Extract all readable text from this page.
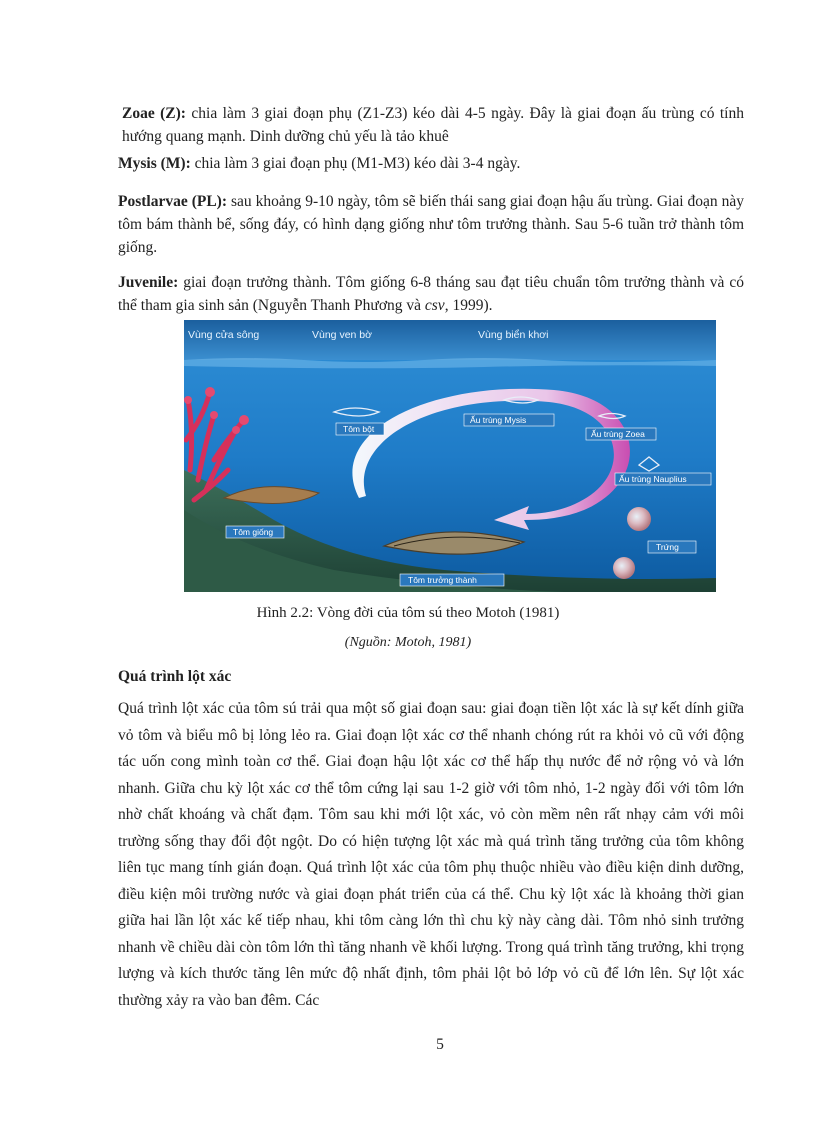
Zoae (Z): chia làm 3 giai đoạn phụ (Z1-Z3) kéo dài 4-5 ngày. Đây là giai đoạn ấu trùng có tính hướng quang mạnh. Dinh dưỡng chủ yếu là tảo khuê

Mysis (M): chia làm 3 giai đoạn phụ (M1-M3) kéo dài 3-4 ngày.

Postlarvae (PL): sau khoảng 9-10 ngày, tôm sẽ biến thái sang giai đoạn hậu ấu trùng. Giai đoạn này tôm bám thành bể, sống đáy, có hình dạng giống như tôm trưởng thành. Sau 5-6 tuần trở thành tôm giống.

Juvenile: giai đoạn trưởng thành. Tôm giống 6-8 tháng sau đạt tiêu chuẩn tôm trưởng thành và có thể tham gia sinh sản (Nguyễn Thanh Phương và csv, 1999).

Vùng cửa sông	Vùng ven bờ	Vùng biển khơi
Tôm bột
Ấu trùng Mysis
Ấu trùng Zoea
Ấu trùng Nauplius
Trứng
Tôm giống
Tôm trưởng thành
Hình 2.2: Vòng đời của tôm sú theo Motoh (1981)
(Nguồn: Motoh, 1981)
Quá trình lột xác

Quá trình lột xác của tôm sú trải qua một số giai đoạn sau: giai đoạn tiền lột xác là sự kết dính giữa vỏ tôm và biểu mô bị lỏng lẻo ra. Giai đoạn lột xác cơ thể nhanh chóng rút ra khỏi vỏ cũ với động tác uốn cong mình toàn cơ thể. Giai đoạn hậu lột xác cơ thể hấp thụ nước để nở rộng vỏ và lớn nhanh. Giữa chu kỳ lột xác cơ thể tôm cứng lại sau 1-2 giờ với tôm nhỏ, 1-2 ngày đối với tôm lớn nhờ chất khoáng và chất đạm. Tôm sau khi mới lột xác, vỏ còn mềm nên rất nhạy cảm với môi trường sống thay đổi đột ngột. Do có hiện tượng lột xác mà quá trình tăng trưởng của tôm không liên tục mang tính gián đoạn. Quá trình lột xác của tôm phụ thuộc nhiều vào điều kiện dinh dưỡng, điều kiện môi trường nước và giai đoạn phát triển của cá thể. Chu kỳ lột xác là khoảng thời gian giữa hai lần lột xác kế tiếp nhau, khi tôm càng lớn thì chu kỳ này càng dài. Tôm nhỏ sinh trưởng nhanh về chiều dài còn tôm lớn thì tăng nhanh về khối lượng. Trong quá trình tăng trưởng, khi trọng lượng và kích thước tăng lên mức độ nhất định, tôm phải lột bỏ lớp vỏ cũ để lớn lên. Sự lột xác thường xảy ra vào ban đêm. Các

5
